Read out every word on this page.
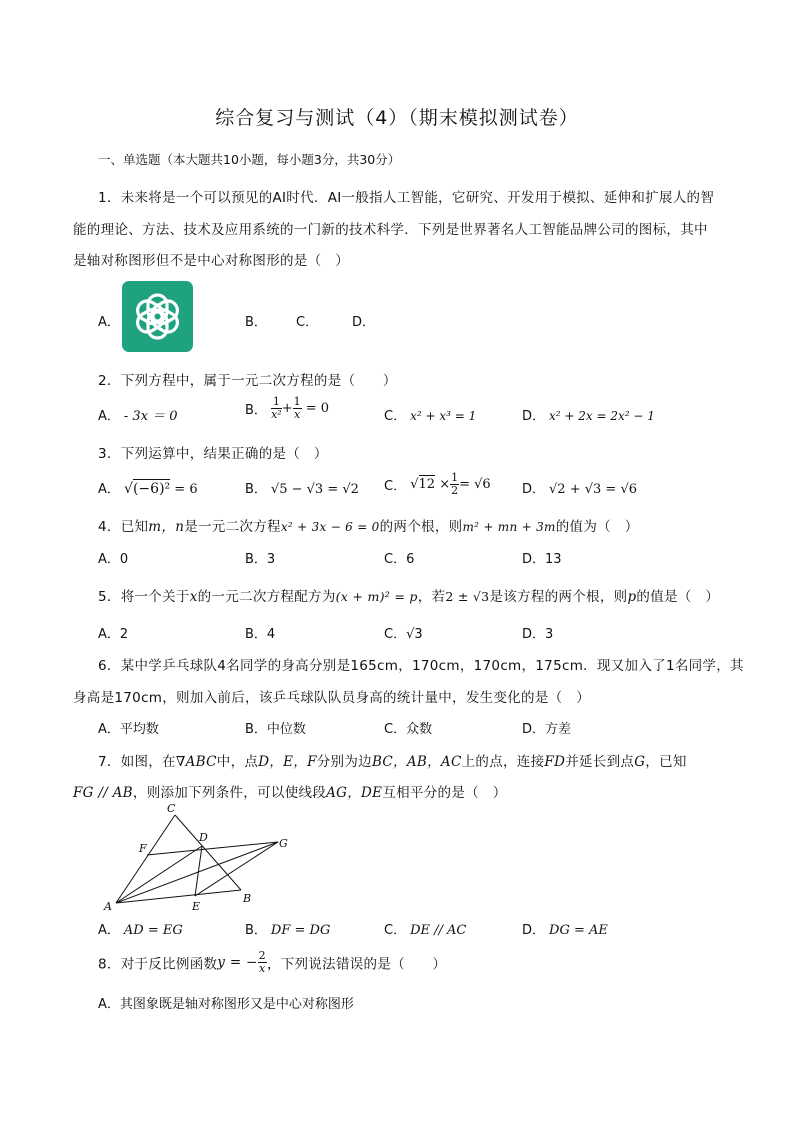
综合复习与测试（4）（期末模拟测试卷）
一、单选题（本大题共10小题，每小题3分，共30分）
1．未来将是一个可以预见的AI时代．AI一般指人工智能，它研究、开发用于模拟、延伸和扩展人的智
能的理论、方法、技术及应用系统的一门新的技术科学．下列是世界著名人工智能品牌公司的图标，其中
是轴对称图形但不是中心对称图形的是（　）
A．	B． C．	D．
2．下列方程中，属于一元二次方程的是（　　）
A． - 3x ＝ 0	B． $\frac{1}{\text{x²}} + \frac{1}{x} = 0$
C． x² + x³ = 1	D． x² + 2x = 2x² − 1
3．下列运算中，结果正确的是（　）
A． √(−6)² = 6	B． √5 − √3 = √2 C． $√12 \times \frac{1}{2} = √6$ D． √2 + √3 = √6
4．已知m，n是一元二次方程x² + 3x − 6 = 0的两个根，则m² + mn + 3m的值为（　）
A．0	B．3	C．6	D．13
5．将一个关于x的一元二次方程配方为(x + m)² = p，若2 ± √3是该方程的两个根，则p的值是（　）
A．2	B．4	C．√3	D．3
6．某中学乒乓球队4名同学的身高分别是165cm，170cm，170cm，175cm．现又加入了1名同学，其
身高是170cm，则加入前后，该乒乓球队队员身高的统计量中，发生变化的是（　）
A．平均数	B．中位数	C．众数	D．方差
7．如图，在∇ABC中，点D，E，F分别为边BC，AB，AC上的点，连接FD并延长到点G，已知
FG // AB，则添加下列条件，可以使线段AG，DE互相平分的是（　）
C
F
D	G
A	E
B
A． AD = EG	B． DF = DG	C． DE // AC	D． DG = AE
8．对于反比例函数y = − $\frac{2}{x}$ ，下列说法错误的是（　　）
A．其图象既是轴对称图形又是中心对称图形
